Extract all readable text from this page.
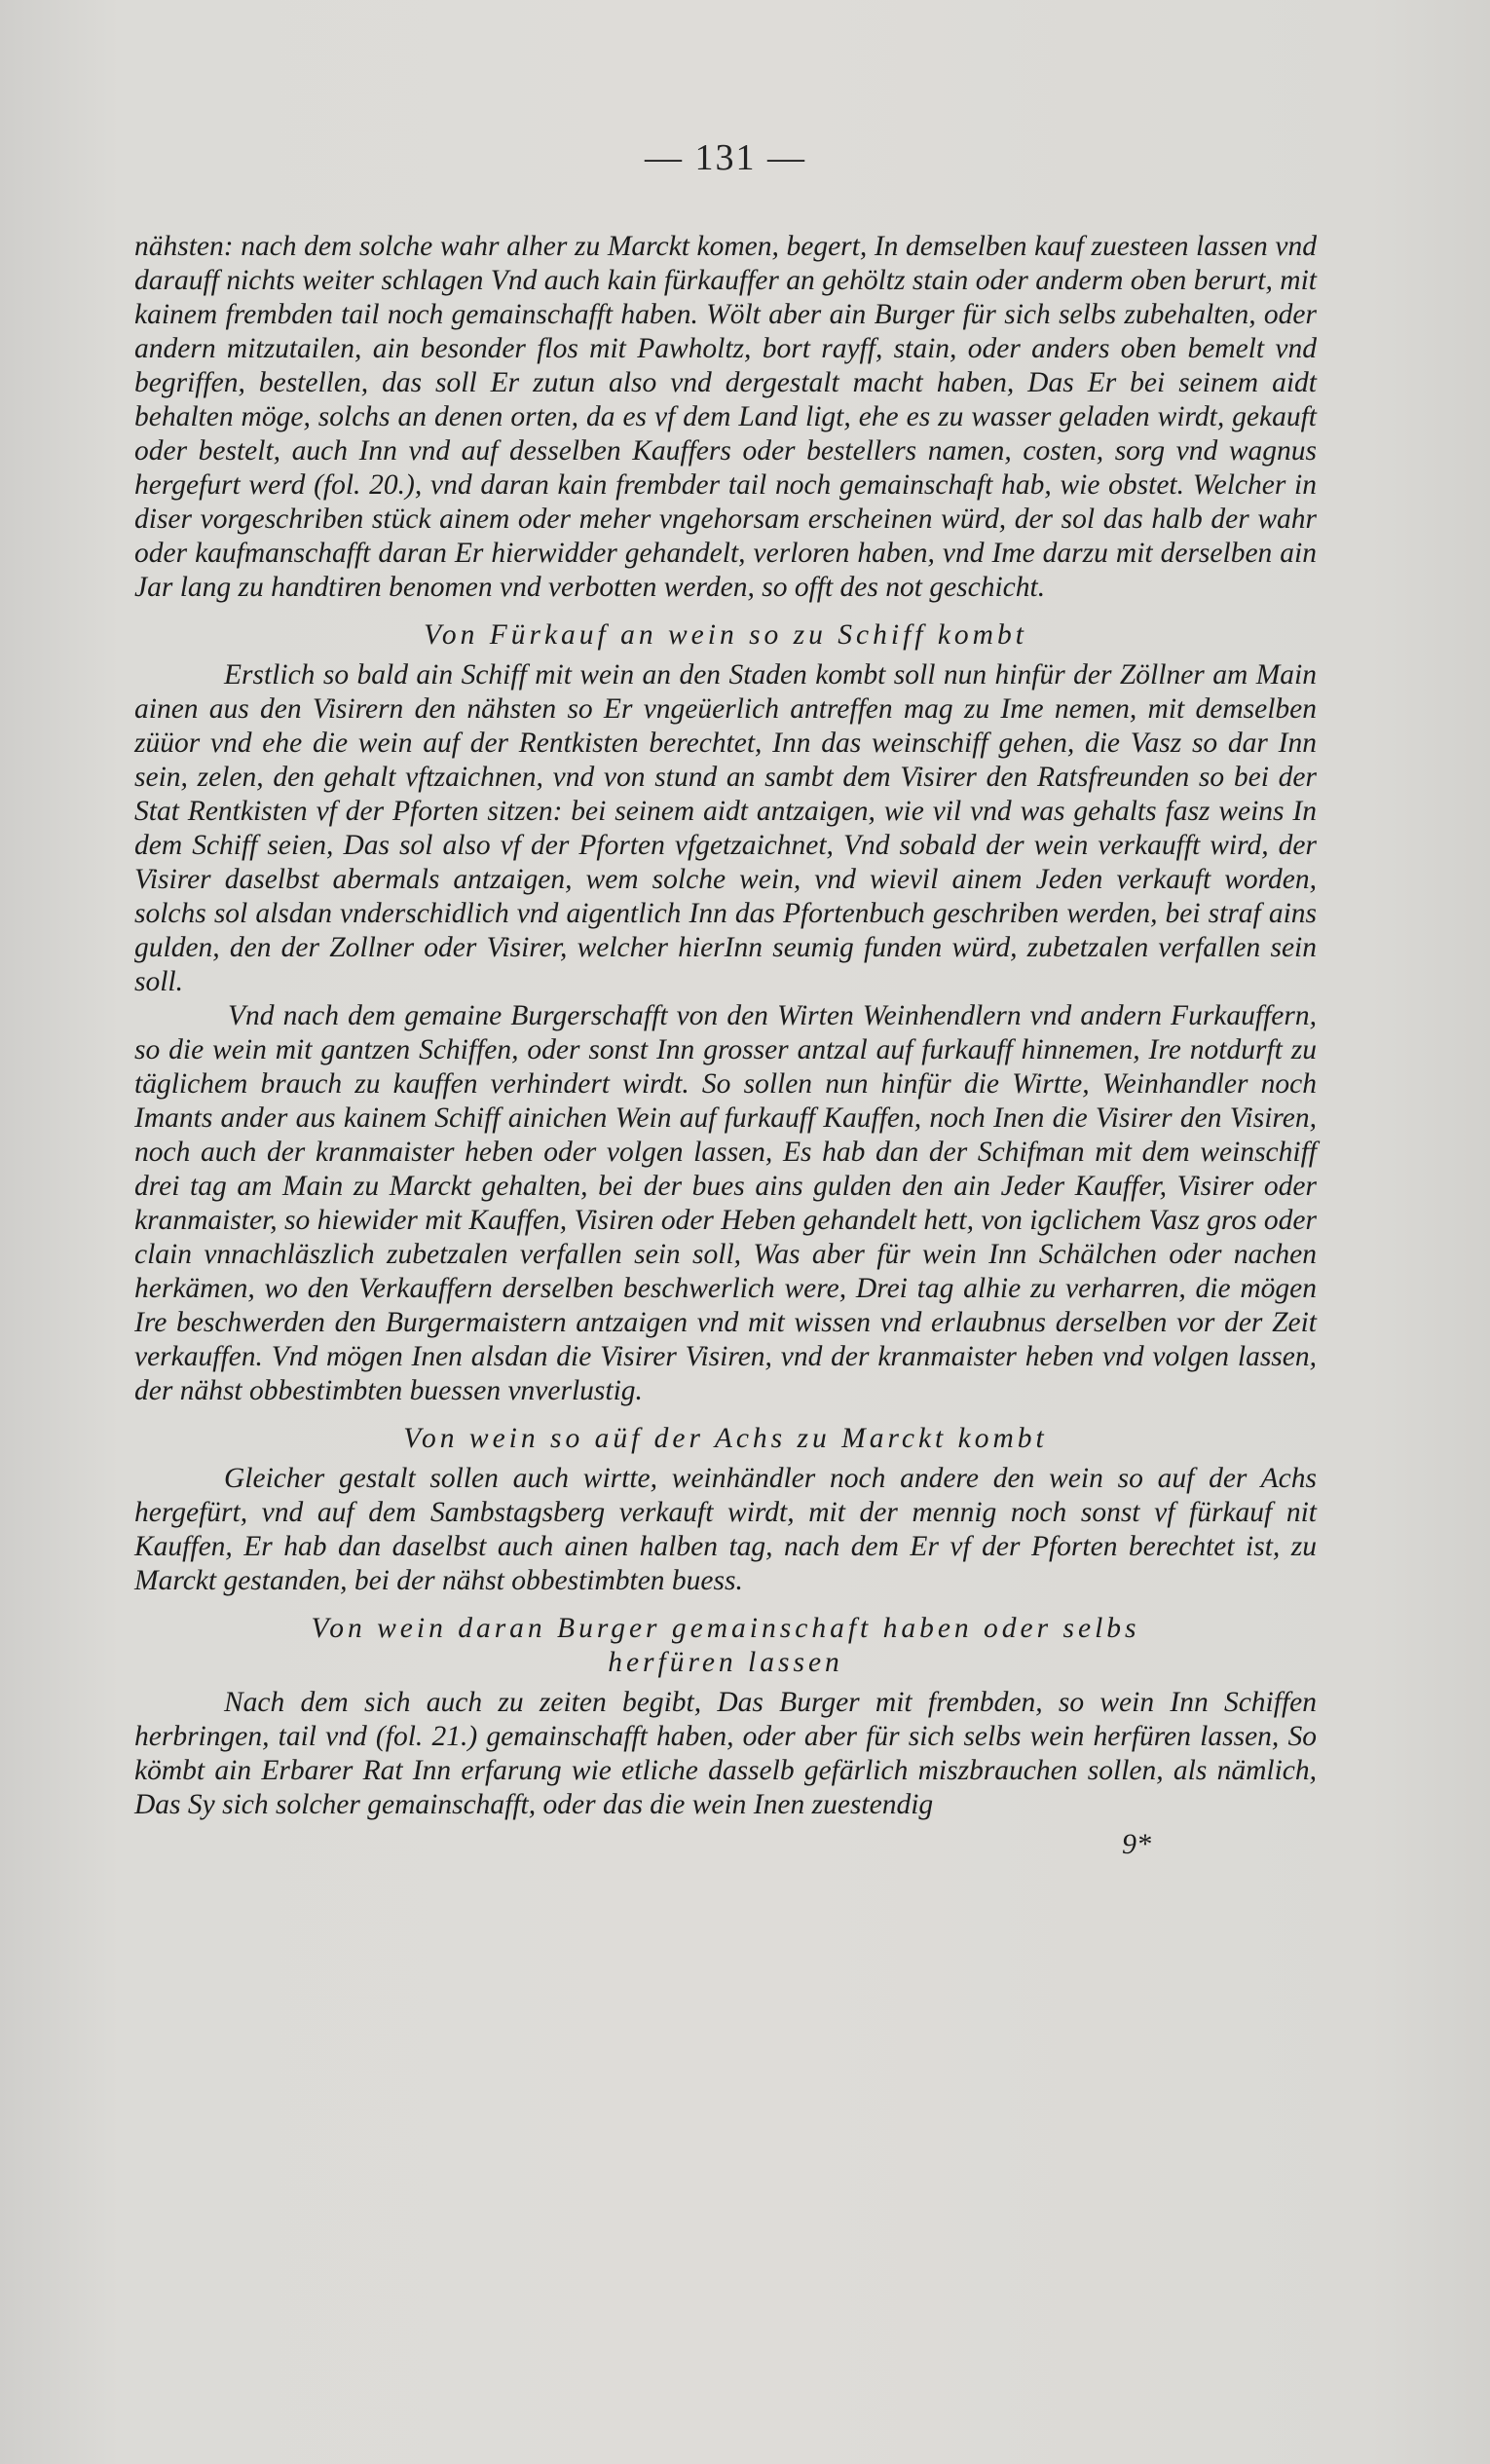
— 131 —

nähsten: nach dem solche wahr alher zu Marckt komen, begert, In demselben kauf zuesteen lassen vnd darauff nichts weiter schlagen Vnd auch kain fürkauffer an gehöltz stain oder anderm oben berurt, mit kainem frembden tail noch gemainschafft haben. Wölt aber ain Burger für sich selbs zubehalten, oder andern mitzutailen, ain besonder flos mit Pawholtz, bort rayff, stain, oder anders oben bemelt vnd begriffen, bestellen, das soll Er zutun also vnd dergestalt macht haben, Das Er bei seinem aidt behalten möge, solchs an denen orten, da es vf dem Land ligt, ehe es zu wasser geladen wirdt, gekauft oder bestelt, auch Inn vnd auf desselben Kauffers oder bestellers namen, costen, sorg vnd wagnus hergefurt werd (fol. 20.), vnd daran kain frembder tail noch gemainschaft hab, wie obstet. Welcher in diser vorgeschriben stück ainem oder meher vngehorsam erscheinen würd, der sol das halb der wahr oder kaufmanschafft daran Er hierwidder gehandelt, verloren haben, vnd Ime darzu mit derselben ain Jar lang zu handtiren benomen vnd verbotten werden, so offt des not geschicht.

Von Fürkauf an wein so zu Schiff kombt

Erstlich so bald ain Schiff mit wein an den Staden kombt soll nun hinfür der Zöllner am Main ainen aus den Visirern den nähsten so Er vngeüerlich antreffen mag zu Ime nemen, mit demselben züüor vnd ehe die wein auf der Rentkisten berechtet, Inn das weinschiff gehen, die Vasz so dar Inn sein, zelen, den gehalt vftzaichnen, vnd von stund an sambt dem Visirer den Ratsfreunden so bei der Stat Rentkisten vf der Pforten sitzen: bei seinem aidt antzaigen, wie vil vnd was gehalts fasz weins In dem Schiff seien, Das sol also vf der Pforten vfgetzaichnet, Vnd sobald der wein verkaufft wird, der Visirer daselbst abermals antzaigen, wem solche wein, vnd wievil ainem Jeden verkauft worden, solchs sol alsdan vnderschidlich vnd aigentlich Inn das Pfortenbuch geschriben werden, bei straf ains gulden, den der Zollner oder Visirer, welcher hierInn seumig funden würd, zubetzalen verfallen sein soll.

Vnd nach dem gemaine Burgerschafft von den Wirten Weinhendlern vnd andern Furkauffern, so die wein mit gantzen Schiffen, oder sonst Inn grosser antzal auf furkauff hinnemen, Ire notdurft zu täglichem brauch zu kauffen verhindert wirdt. So sollen nun hinfür die Wirtte, Weinhandler noch Imants ander aus kainem Schiff ainichen Wein auf furkauff Kauffen, noch Inen die Visirer den Visiren, noch auch der kranmaister heben oder volgen lassen, Es hab dan der Schifman mit dem weinschiff drei tag am Main zu Marckt gehalten, bei der bues ains gulden den ain Jeder Kauffer, Visirer oder kranmaister, so hiewider mit Kauffen, Visiren oder Heben gehandelt hett, von igclichem Vasz gros oder clain vnnachläszlich zubetzalen verfallen sein soll, Was aber für wein Inn Schälchen oder nachen herkämen, wo den Verkauffern derselben beschwerlich were, Drei tag alhie zu verharren, die mögen Ire beschwerden den Burgermaistern antzaigen vnd mit wissen vnd erlaubnus derselben vor der Zeit verkauffen. Vnd mögen Inen alsdan die Visirer Visiren, vnd der kranmaister heben vnd volgen lassen, der nähst obbestimbten buessen vnverlustig.

Von wein so aüf der Achs zu Marckt kombt

Gleicher gestalt sollen auch wirtte, weinhändler noch andere den wein so auf der Achs hergefürt, vnd auf dem Sambstagsberg verkauft wirdt, mit der mennig noch sonst vf fürkauf nit Kauffen, Er hab dan daselbst auch ainen halben tag, nach dem Er vf der Pforten berechtet ist, zu Marckt gestanden, bei der nähst obbestimbten buess.

Von wein daran Burger gemainschaft haben oder selbs
herfüren lassen

Nach dem sich auch zu zeiten begibt, Das Burger mit frembden, so wein Inn Schiffen herbringen, tail vnd (fol. 21.) gemainschafft haben, oder aber für sich selbs wein herfüren lassen, So kömbt ain Erbarer Rat Inn erfarung wie etliche dasselb gefärlich miszbrauchen sollen, als nämlich, Das Sy sich solcher gemainschafft, oder das die wein Inen zuestendig

9*
